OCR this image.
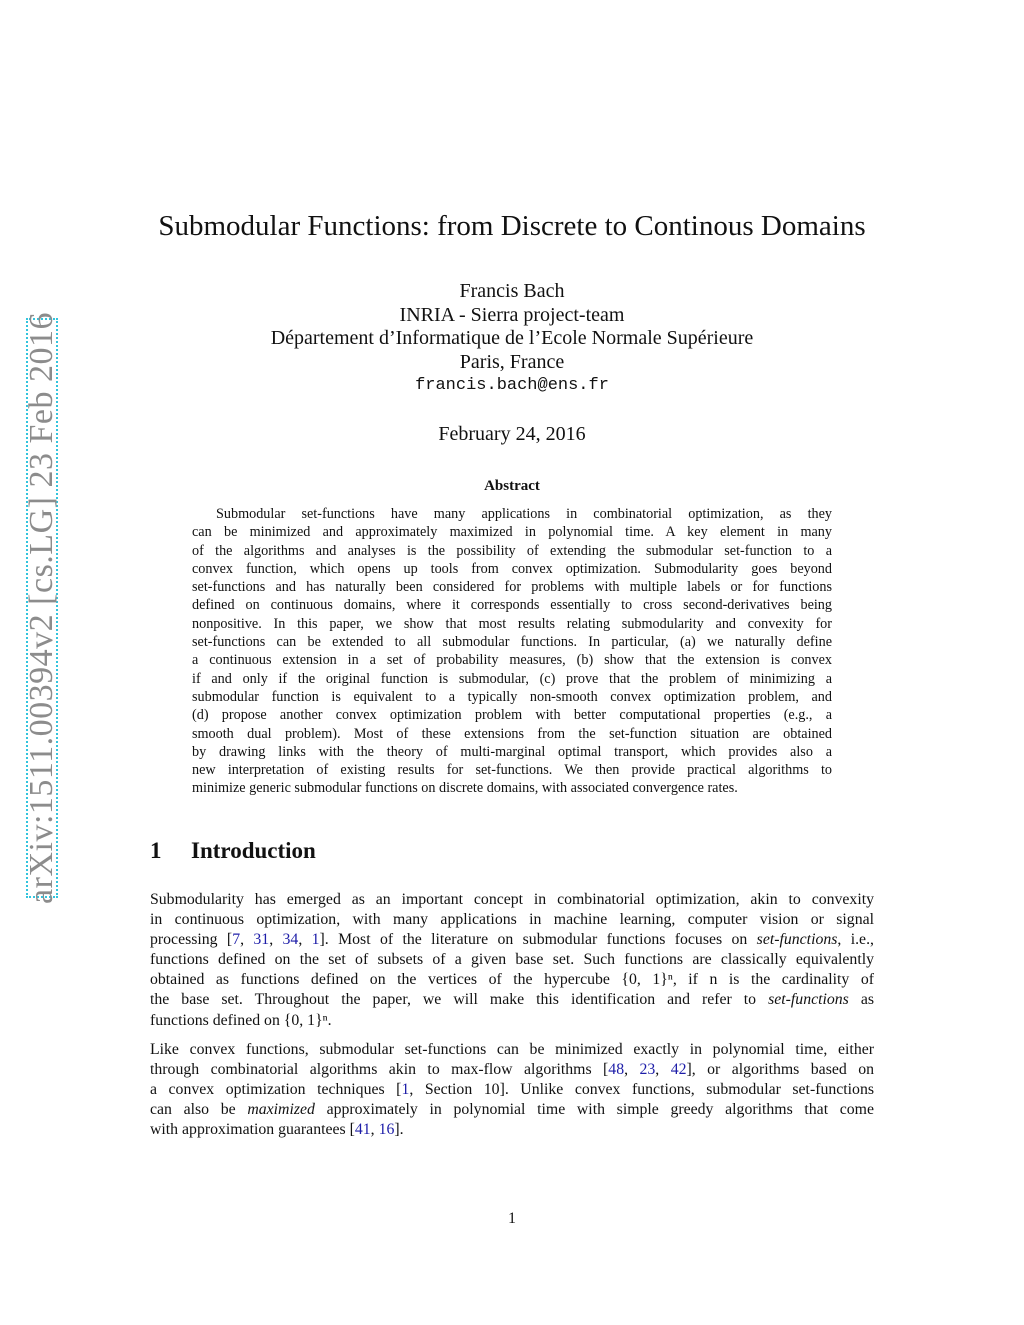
arXiv:1511.00394v2 [cs.LG] 23 Feb 2016
Submodular Functions: from Discrete to Continous Domains
Francis Bach
INRIA - Sierra project-team
Département d’Informatique de l’Ecole Normale Supérieure
Paris, France
francis.bach@ens.fr
February 24, 2016
Abstract
Submodular set-functions have many applications in combinatorial optimization, as they
can be minimized and approximately maximized in polynomial time. A key element in many
of the algorithms and analyses is the possibility of extending the submodular set-function to a
convex function, which opens up tools from convex optimization. Submodularity goes beyond
set-functions and has naturally been considered for problems with multiple labels or for functions
defined on continuous domains, where it corresponds essentially to cross second-derivatives being
nonpositive. In this paper, we show that most results relating submodularity and convexity for
set-functions can be extended to all submodular functions. In particular, (a) we naturally define
a continuous extension in a set of probability measures, (b) show that the extension is convex
if and only if the original function is submodular, (c) prove that the problem of minimizing a
submodular function is equivalent to a typically non-smooth convex optimization problem, and
(d) propose another convex optimization problem with better computational properties (e.g., a
smooth dual problem). Most of these extensions from the set-function situation are obtained
by drawing links with the theory of multi-marginal optimal transport, which provides also a
new interpretation of existing results for set-functions. We then provide practical algorithms to
minimize generic submodular functions on discrete domains, with associated convergence rates.
1 Introduction
Submodularity has emerged as an important concept in combinatorial optimization, akin to convexity
in continuous optimization, with many applications in machine learning, computer vision or signal
processing [7, 31, 34, 1]. Most of the literature on submodular functions focuses on set-functions, i.e.,
functions defined on the set of subsets of a given base set. Such functions are classically equivalently
obtained as functions defined on the vertices of the hypercube {0, 1}ⁿ, if n is the cardinality of
the base set. Throughout the paper, we will make this identification and refer to set-functions as
functions defined on {0, 1}ⁿ.
Like convex functions, submodular set-functions can be minimized exactly in polynomial time, either
through combinatorial algorithms akin to max-flow algorithms [48, 23, 42], or algorithms based on
a convex optimization techniques [1, Section 10]. Unlike convex functions, submodular set-functions
can also be maximized approximately in polynomial time with simple greedy algorithms that come
with approximation guarantees [41, 16].
1
